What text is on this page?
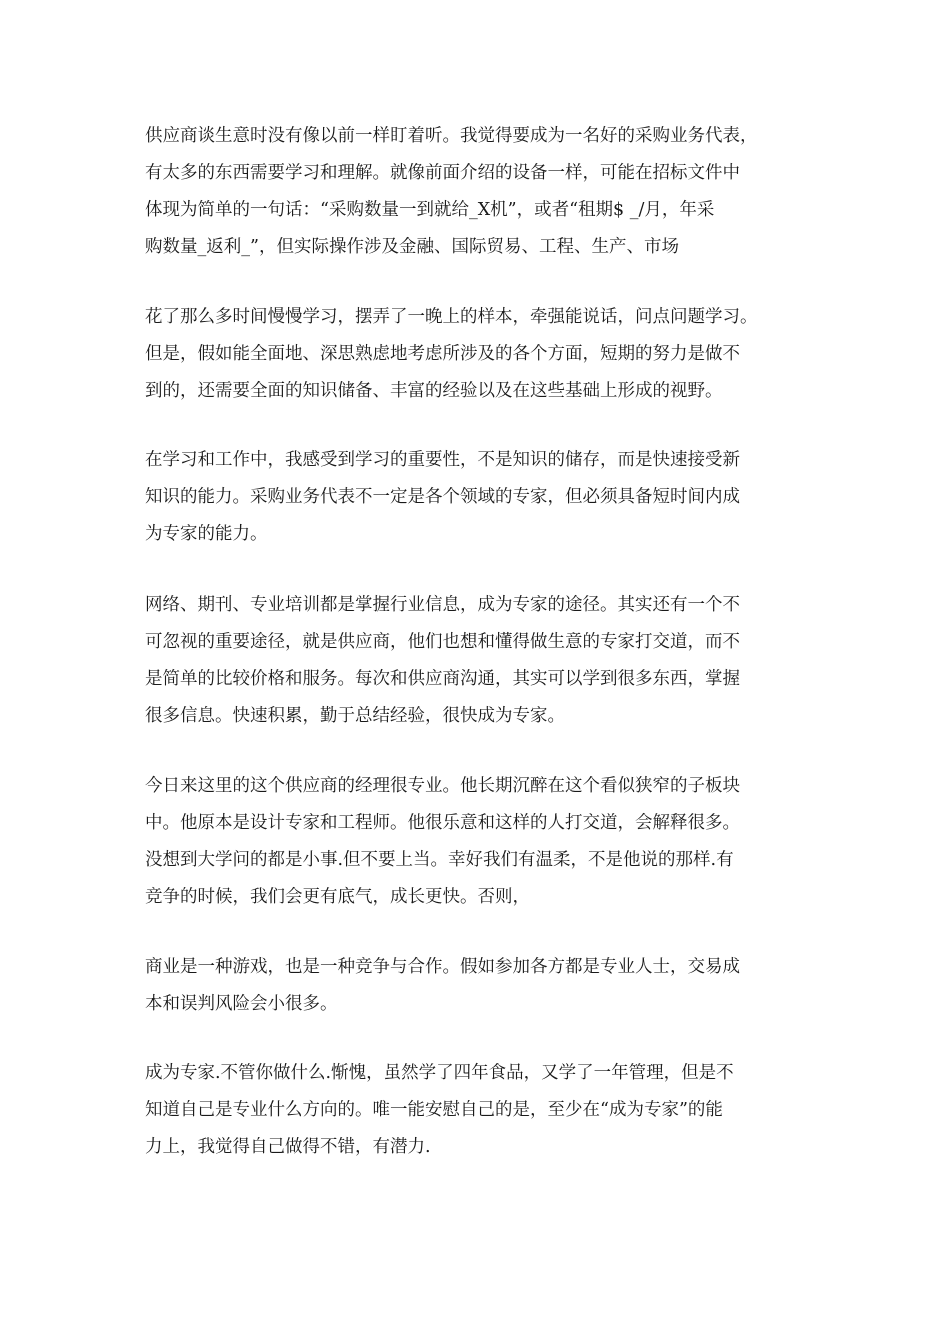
供应商谈生意时没有像以前一样盯着听。我觉得要成为一名好的采购业务代表，
有太多的东西需要学习和理解。就像前面介绍的设备一样，可能在招标文件中
体现为简单的一句话：“采购数量一到就给_X机”，或者“租期$ _/月，年采
购数量_返利_”，但实际操作涉及金融、国际贸易、工程、生产、市场
花了那么多时间慢慢学习，摆弄了一晚上的样本，牵强能说话，问点问题学习。
但是，假如能全面地、深思熟虑地考虑所涉及的各个方面，短期的努力是做不
到的，还需要全面的知识储备、丰富的经验以及在这些基础上形成的视野。
在学习和工作中，我感受到学习的重要性，不是知识的储存，而是快速接受新
知识的能力。采购业务代表不一定是各个领域的专家，但必须具备短时间内成
为专家的能力。
网络、期刊、专业培训都是掌握行业信息，成为专家的途径。其实还有一个不
可忽视的重要途径，就是供应商，他们也想和懂得做生意的专家打交道，而不
是简单的比较价格和服务。每次和供应商沟通，其实可以学到很多东西，掌握
很多信息。快速积累，勤于总结经验，很快成为专家。
今日来这里的这个供应商的经理很专业。他长期沉醉在这个看似狭窄的子板块
中。他原本是设计专家和工程师。他很乐意和这样的人打交道，会解释很多。
没想到大学问的都是小事.但不要上当。幸好我们有温柔，不是他说的那样.有
竞争的时候，我们会更有底气，成长更快。否则，
商业是一种游戏，也是一种竞争与合作。假如参加各方都是专业人士，交易成
本和误判风险会小很多。
成为专家.不管你做什么.惭愧，虽然学了四年食品，又学了一年管理，但是不
知道自己是专业什么方向的。唯一能安慰自己的是，至少在“成为专家”的能
力上，我觉得自己做得不错，有潜力.
